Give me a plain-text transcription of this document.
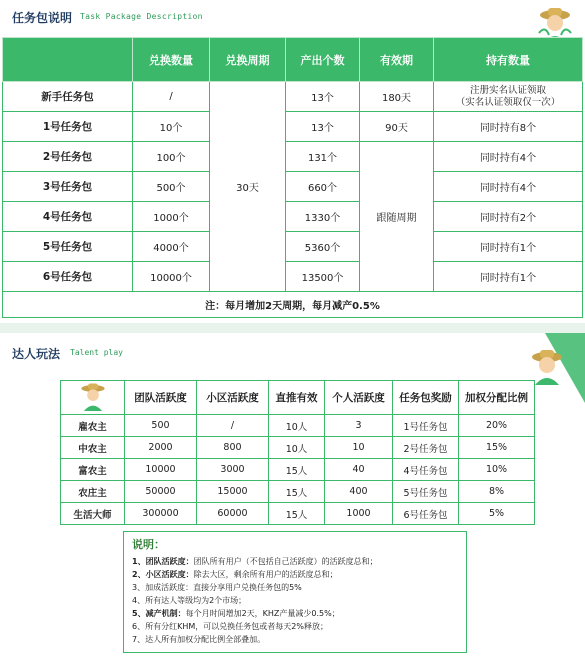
任务包说明 Task Package Description
	兑换数量	兑换周期	产出个数	有效期	持有数量
新手任务包	/	30天	13个	180天	注册实名认证领取
（实名认证领取仅一次）
1号任务包	10个		13个	90天	同时持有8个
2号任务包	100个		131个	跟随周期	同时持有4个
3号任务包	500个		660个		同时持有4个
4号任务包	1000个		1330个		同时持有2个
5号任务包	4000个		5360个		同时持有1个
6号任务包	10000个		13500个		同时持有1个
注：每月增加2天周期，每月减产0.5%					
达人玩法 Talent play
	团队活跃度	小区活跃度	直推有效	个人活跃度	任务包奖励	加权分配比例
雇农主	500	/	10人	3	1号任务包	20%
中农主	2000	800	10人	10	2号任务包	15%
富农主	10000	3000	15人	40	4号任务包	10%
农庄主	50000	15000	15人	400	5号任务包	8%
生活大师	300000	60000	15人	1000	6号任务包	5%
说明：
1、团队活跃度：团队所有用户（不包括自己活跃度）的活跃度总和；
2、小区活跃度：除去大区，剩余所有用户的活跃度总和；
3、加成活跃度：直接分享用户兑换任务包的5%
4、所有达人等级均为2个市场；
5、减产机制：每个月时间增加2天，KHZ产量减少0.5%；
6、所有分红KHM，可以兑换任务包或者每天2%释放；
7、达人所有加权分配比例全部叠加。
